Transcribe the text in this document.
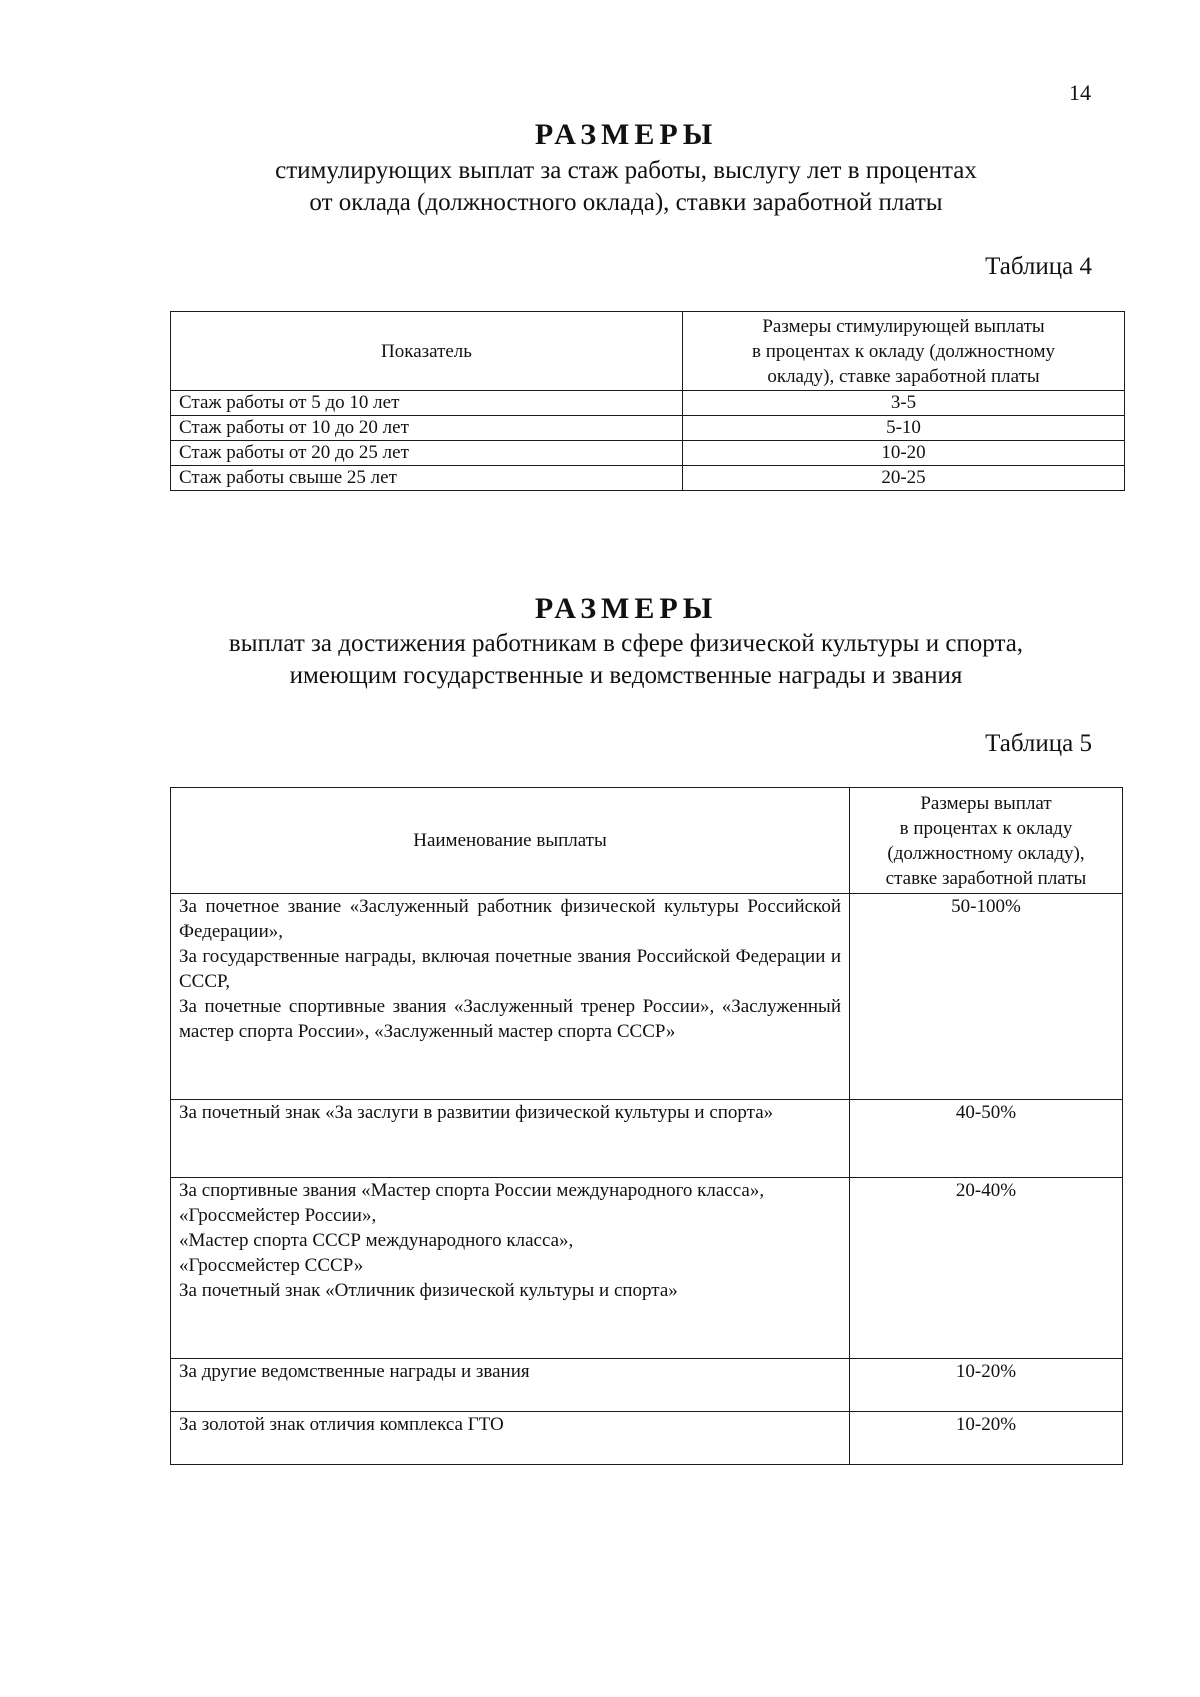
14
РАЗМЕРЫ
стимулирующих выплат за стаж работы, выслугу лет в процентах
от оклада (должностного оклада), ставки заработной платы
Таблица 4
Показатель	Размеры стимулирующей выплаты
в процентах к окладу (должностному
окладу), ставке заработной платы

Стаж работы от 5 до 10 лет	3-5
Стаж работы от 10 до 20 лет	5-10
Стаж работы от 20 до 25 лет	10-20
Стаж работы свыше 25 лет	20-25
РАЗМЕРЫ
выплат за достижения работникам в сфере физической культуры и спорта,
имеющим государственные и ведомственные награды и звания
Таблица 5
Наименование выплаты	Размеры выплат
в процентах к окладу
(должностному окладу),
ставке заработной платы

За почетное звание «Заслуженный работник физической культуры Российской Федерации»,
За государственные награды, включая почетные звания Российской Федерации и СССР,
За почетные спортивные звания «Заслуженный тренер России», «Заслуженный мастер спорта России», «Заслуженный мастер спорта СССР»	50-100%

За почетный знак «За заслуги в развитии физической культуры и спорта»	40-50%

За спортивные звания «Мастер спорта России международного класса»,
«Гроссмейстер России»,
«Мастер спорта СССР международного класса»,
«Гроссмейстер СССР»
За почетный знак «Отличник физической культуры и спорта»	20-40%

За другие ведомственные награды и звания	10-20%

За золотой знак отличия комплекса ГТО	10-20%
